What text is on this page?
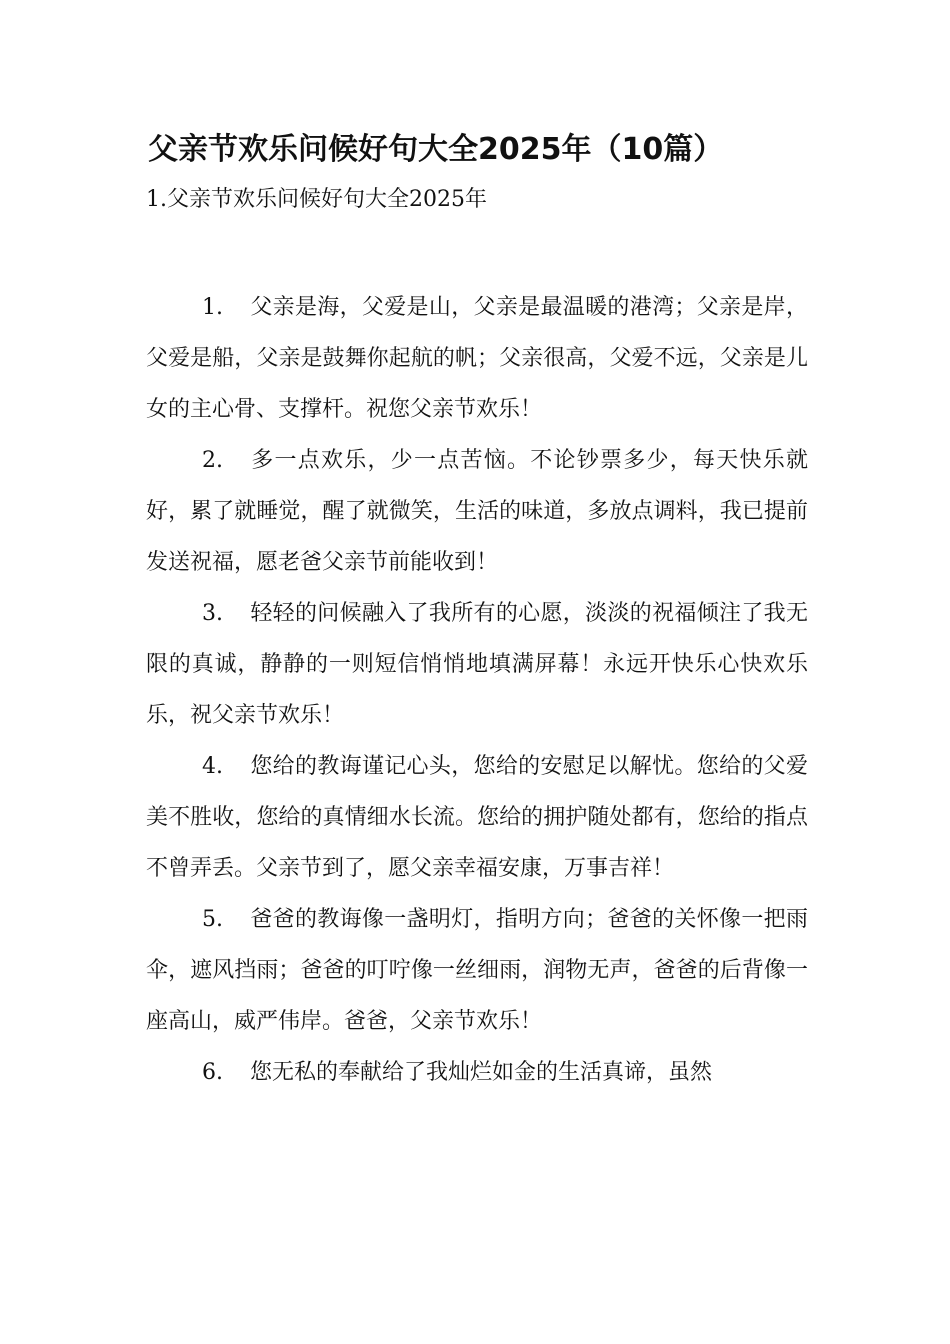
父亲节欢乐问候好句大全2025年（10篇）

1.父亲节欢乐问候好句大全2025年

1. 父亲是海，父爱是山，父亲是最温暖的港湾；父亲是岸，父爱是船，父亲是鼓舞你起航的帆；父亲很高，父爱不远，父亲是儿女的主心骨、支撑杆。祝您父亲节欢乐！
2. 多一点欢乐，少一点苦恼。不论钞票多少，每天快乐就好，累了就睡觉，醒了就微笑，生活的味道，多放点调料，我已提前发送祝福，愿老爸父亲节前能收到！
3. 轻轻的问候融入了我所有的心愿，淡淡的祝福倾注了我无限的真诚，静静的一则短信悄悄地填满屏幕！永远开快乐心快欢乐乐，祝父亲节欢乐！
4. 您给的教诲谨记心头，您给的安慰足以解忧。您给的父爱美不胜收，您给的真情细水长流。您给的拥护随处都有，您给的指点不曾弄丢。父亲节到了，愿父亲幸福安康，万事吉祥！
5. 爸爸的教诲像一盏明灯，指明方向；爸爸的关怀像一把雨伞，遮风挡雨；爸爸的叮咛像一丝细雨，润物无声，爸爸的后背像一座高山，威严伟岸。爸爸，父亲节欢乐！
6. 您无私的奉献给了我灿烂如金的生活真谛，虽然
